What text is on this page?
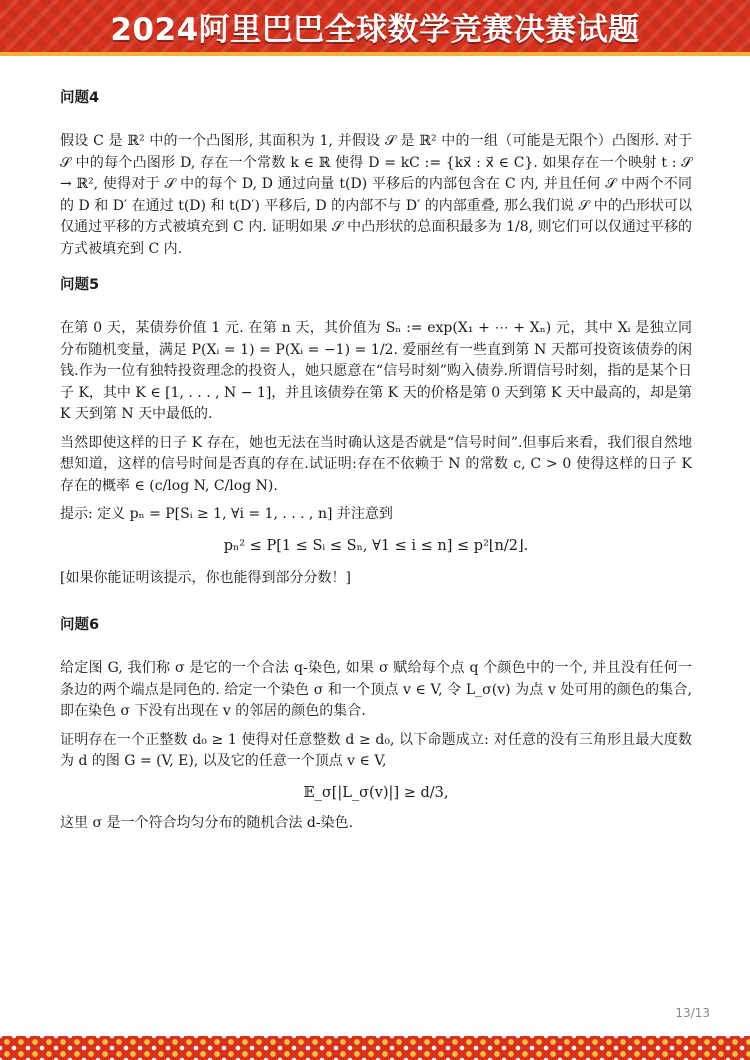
2024阿里巴巴全球数学竞赛决赛试题
问题4

假设 C 是 ℝ² 中的一个凸图形, 其面积为 1, 并假设 𝒮 是 ℝ² 中的一组（可能是无限个）凸图形. 对于 𝒮 中的每个凸图形 D, 存在一个常数 k ∈ ℝ 使得 D = kC := {kx⃗ : x⃗ ∈ C}. 如果存在一个映射 t : 𝒮 → ℝ², 使得对于 𝒮 中的每个 D, D 通过向量 t(D) 平移后的内部包含在 C 内, 并且任何 𝒮 中两个不同的 D 和 D′ 在通过 t(D) 和 t(D′) 平移后, D 的内部不与 D′ 的内部重叠, 那么我们说 𝒮 中的凸形状可以仅通过平移的方式被填充到 C 内. 证明如果 𝒮 中凸形状的总面积最多为 1/8, 则它们可以仅通过平移的方式被填充到 C 内.

问题5

在第 0 天，某债券价值 1 元. 在第 n 天，其价值为 Sₙ := exp(X₁ + ⋯ + Xₙ) 元，其中 Xᵢ 是独立同分布随机变量，满足 P(Xᵢ = 1) = P(Xᵢ = −1) = 1/2. 爱丽丝有一些直到第 N 天都可投资该债券的闲钱.作为一位有独特投资理念的投资人，她只愿意在“信号时刻”购入债券.所谓信号时刻，指的是某个日子 K，其中 K ∈ [1, . . . , N − 1]，并且该债券在第 K 天的价格是第 0 天到第 K 天中最高的，却是第 K 天到第 N 天中最低的.

当然即使这样的日子 K 存在，她也无法在当时确认这是否就是“信号时间”.但事后来看，我们很自然地想知道，这样的信号时间是否真的存在.试证明:存在不依赖于 N 的常数 c, C > 0 使得这样的日子 K 存在的概率 ∈ (c/log N, C/log N).

提示: 定义 pₙ = P[Sᵢ ≥ 1, ∀i = 1, . . . , n] 并注意到

pₙ² ≤ P[1 ≤ Sᵢ ≤ Sₙ, ∀1 ≤ i ≤ n] ≤ p²⌊n/2⌋.

[如果你能证明该提示，你也能得到部分分数！]

问题6

给定图 G, 我们称 σ 是它的一个合法 q-染色, 如果 σ 赋给每个点 q 个颜色中的一个, 并且没有任何一条边的两个端点是同色的. 给定一个染色 σ 和一个顶点 v ∈ V, 令 L_σ(v) 为点 v 处可用的颜色的集合, 即在染色 σ 下没有出现在 v 的邻居的颜色的集合.

证明存在一个正整数 d₀ ≥ 1 使得对任意整数 d ≥ d₀, 以下命题成立: 对任意的没有三角形且最大度数为 d 的图 G = (V, E), 以及它的任意一个顶点 v ∈ V,

𝔼_σ[|L_σ(v)|] ≥ d/3,

这里 σ 是一个符合均匀分布的随机合法 d-染色.

13/13
